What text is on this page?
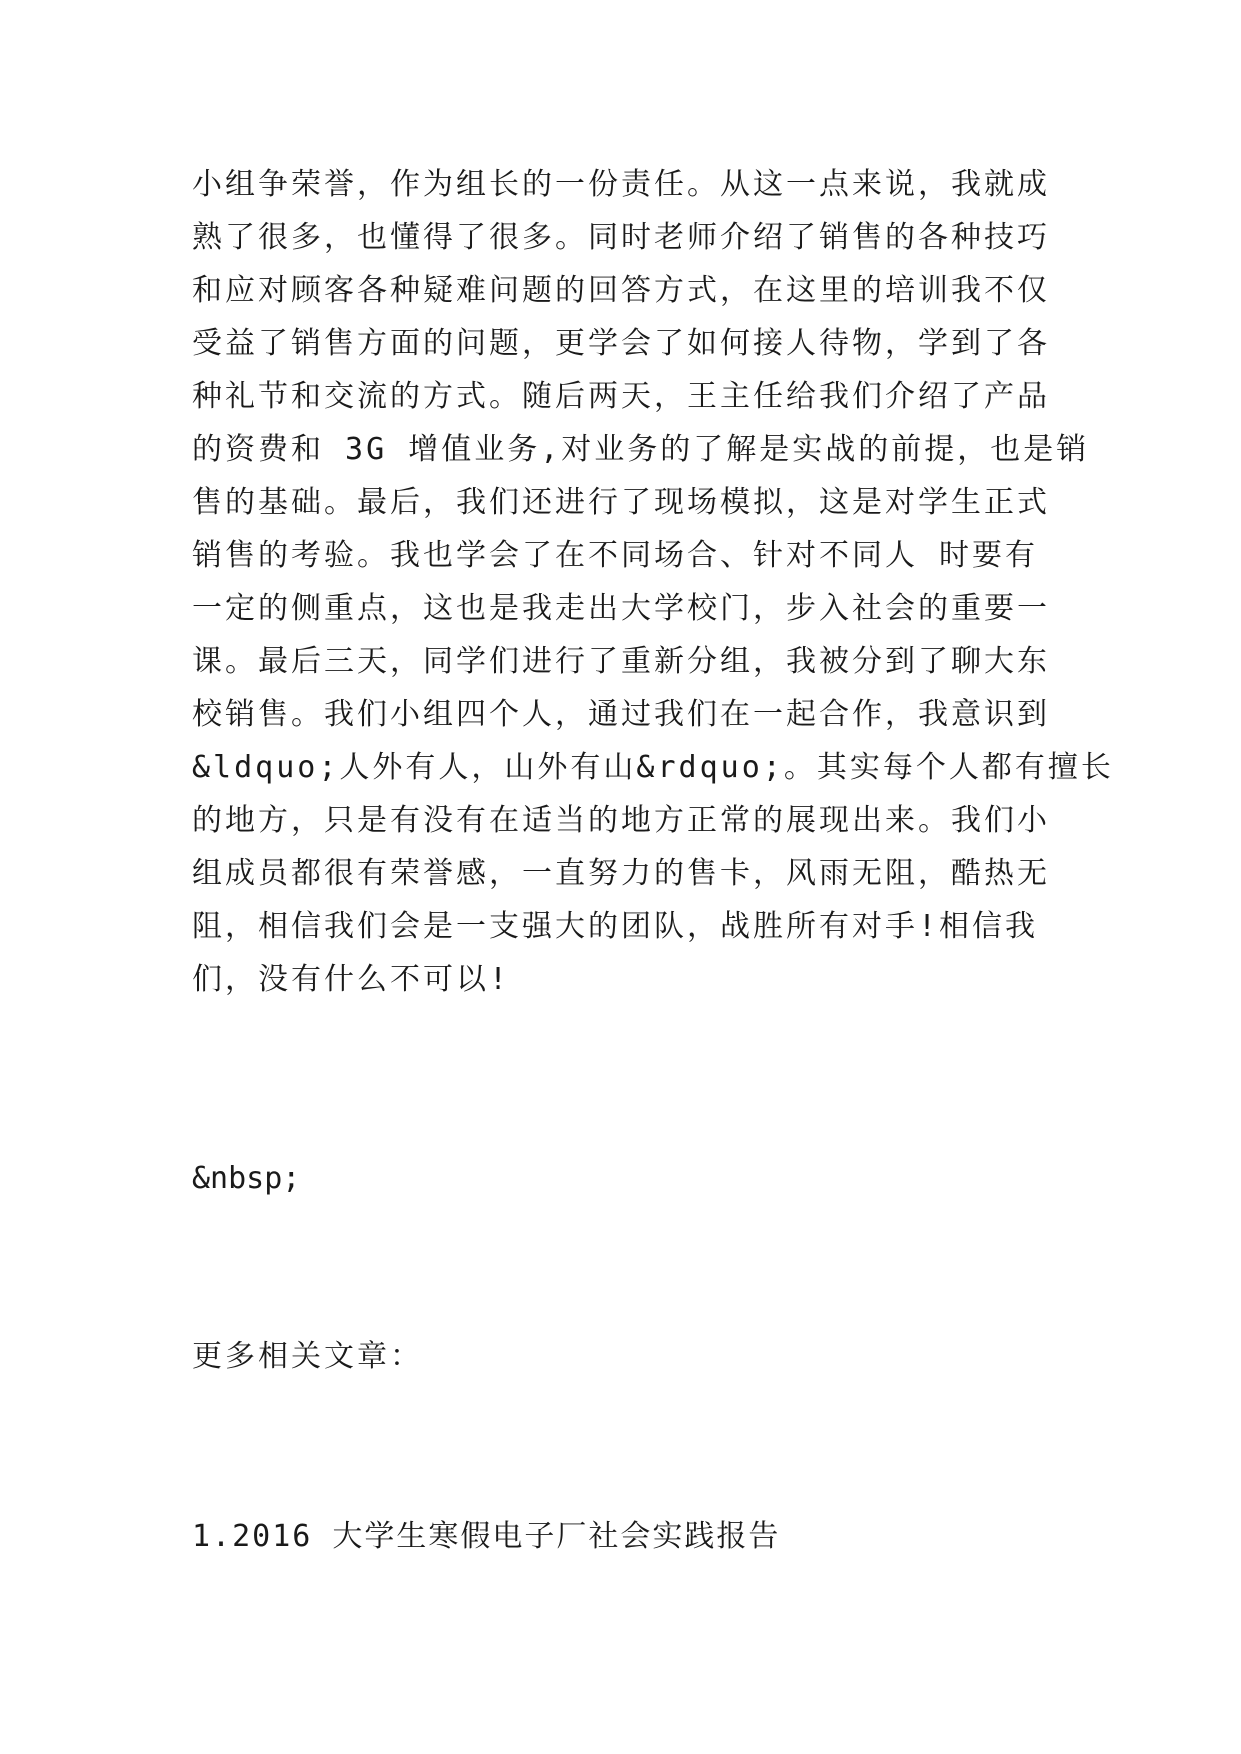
小组争荣誉，作为组长的一份责任。从这一点来说，我就成
熟了很多，也懂得了很多。同时老师介绍了销售的各种技巧
和应对顾客各种疑难问题的回答方式，在这里的培训我不仅
受益了销售方面的问题，更学会了如何接人待物，学到了各
种礼节和交流的方式。随后两天，王主任给我们介绍了产品
的资费和 3G 增值业务,对业务的了解是实战的前提，也是销
售的基础。最后，我们还进行了现场模拟，这是对学生正式
销售的考验。我也学会了在不同场合、针对不同人 时要有
一定的侧重点，这也是我走出大学校门，步入社会的重要一
课。最后三天，同学们进行了重新分组，我被分到了聊大东
校销售。我们小组四个人，通过我们在一起合作，我意识到
&ldquo;人外有人，山外有山&rdquo;。其实每个人都有擅长
的地方，只是有没有在适当的地方正常的展现出来。我们小
组成员都很有荣誉感，一直努力的售卡，风雨无阻，酷热无
阻，相信我们会是一支强大的团队，战胜所有对手!相信我
们，没有什么不可以!
&nbsp;
更多相关文章：
1.2016 大学生寒假电子厂社会实践报告
